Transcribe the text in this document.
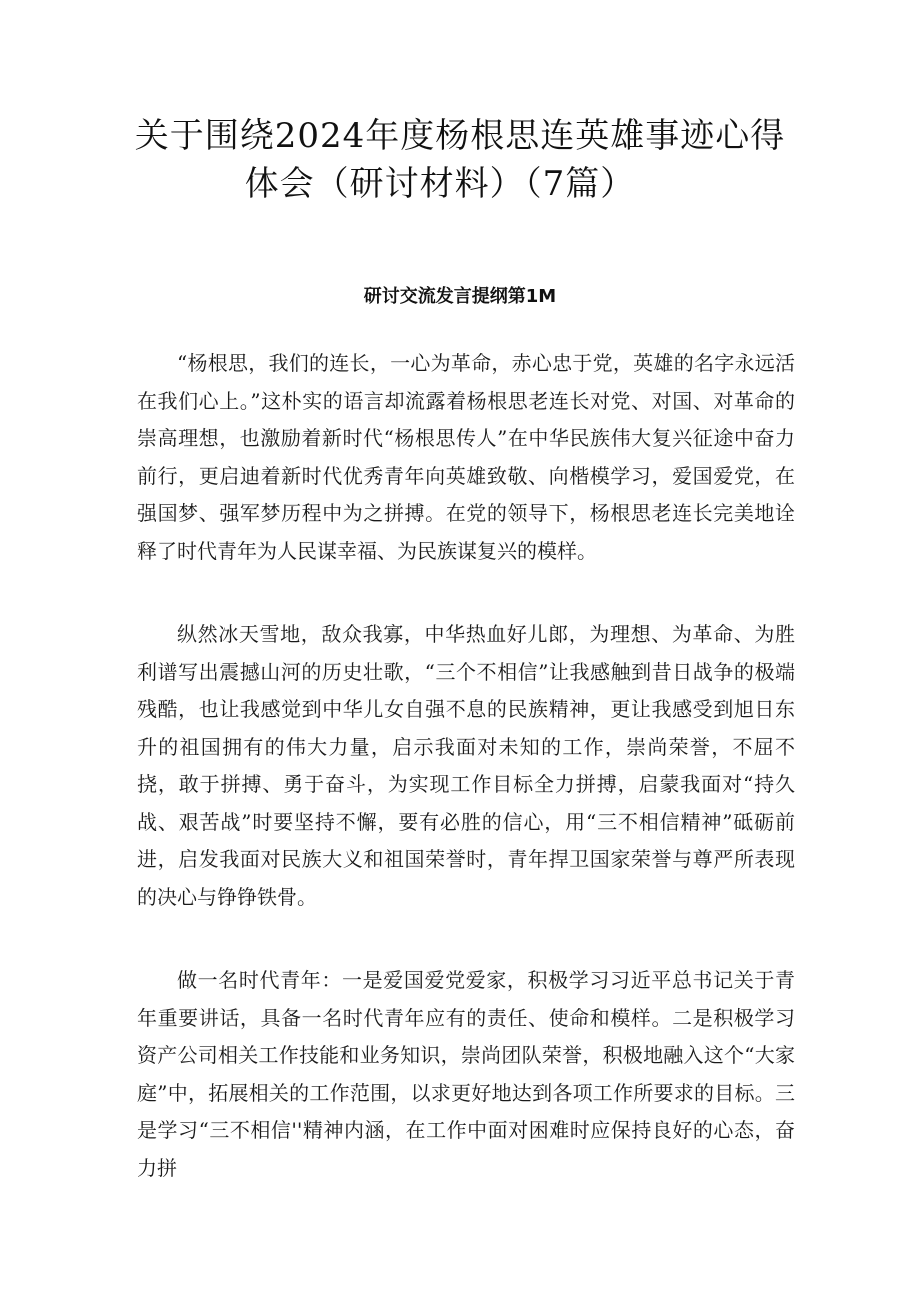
关于围绕2024年度杨根思连英雄事迹心得
体会（研讨材料）（7篇）
研讨交流发言提纲第1M

“杨根思，我们的连长，一心为革命，赤心忠于党，英雄的名字永远活在我们心上。”这朴实的语言却流露着杨根思老连长对党、对国、对革命的崇高理想，也激励着新时代“杨根思传人”在中华民族伟大复兴征途中奋力前行，更启迪着新时代优秀青年向英雄致敬、向楷模学习，爱国爱党，在强国梦、强军梦历程中为之拼搏。在党的领导下，杨根思老连长完美地诠释了时代青年为人民谋幸福、为民族谋复兴的模样。

纵然冰天雪地，敌众我寡，中华热血好儿郎，为理想、为革命、为胜利谱写出震撼山河的历史壮歌，“三个不相信”让我感触到昔日战争的极端残酷，也让我感觉到中华儿女自强不息的民族精神，更让我感受到旭日东升的祖国拥有的伟大力量，启示我面对未知的工作，崇尚荣誉，不屈不挠，敢于拼搏、勇于奋斗，为实现工作目标全力拼搏，启蒙我面对“持久战、艰苦战”时要坚持不懈，要有必胜的信心，用“三不相信精神”砥砺前进，启发我面对民族大义和祖国荣誉时，青年捍卫国家荣誉与尊严所表现的决心与铮铮铁骨。

做一名时代青年：一是爱国爱党爱家，积极学习习近平总书记关于青年重要讲话，具备一名时代青年应有的责任、使命和模样。二是积极学习资产公司相关工作技能和业务知识，崇尚团队荣誉，积极地融入这个“大家庭”中，拓展相关的工作范围，以求更好地达到各项工作所要求的目标。三是学习“三不相信''精神内涵，在工作中面对困难时应保持良好的心态，奋力拼
